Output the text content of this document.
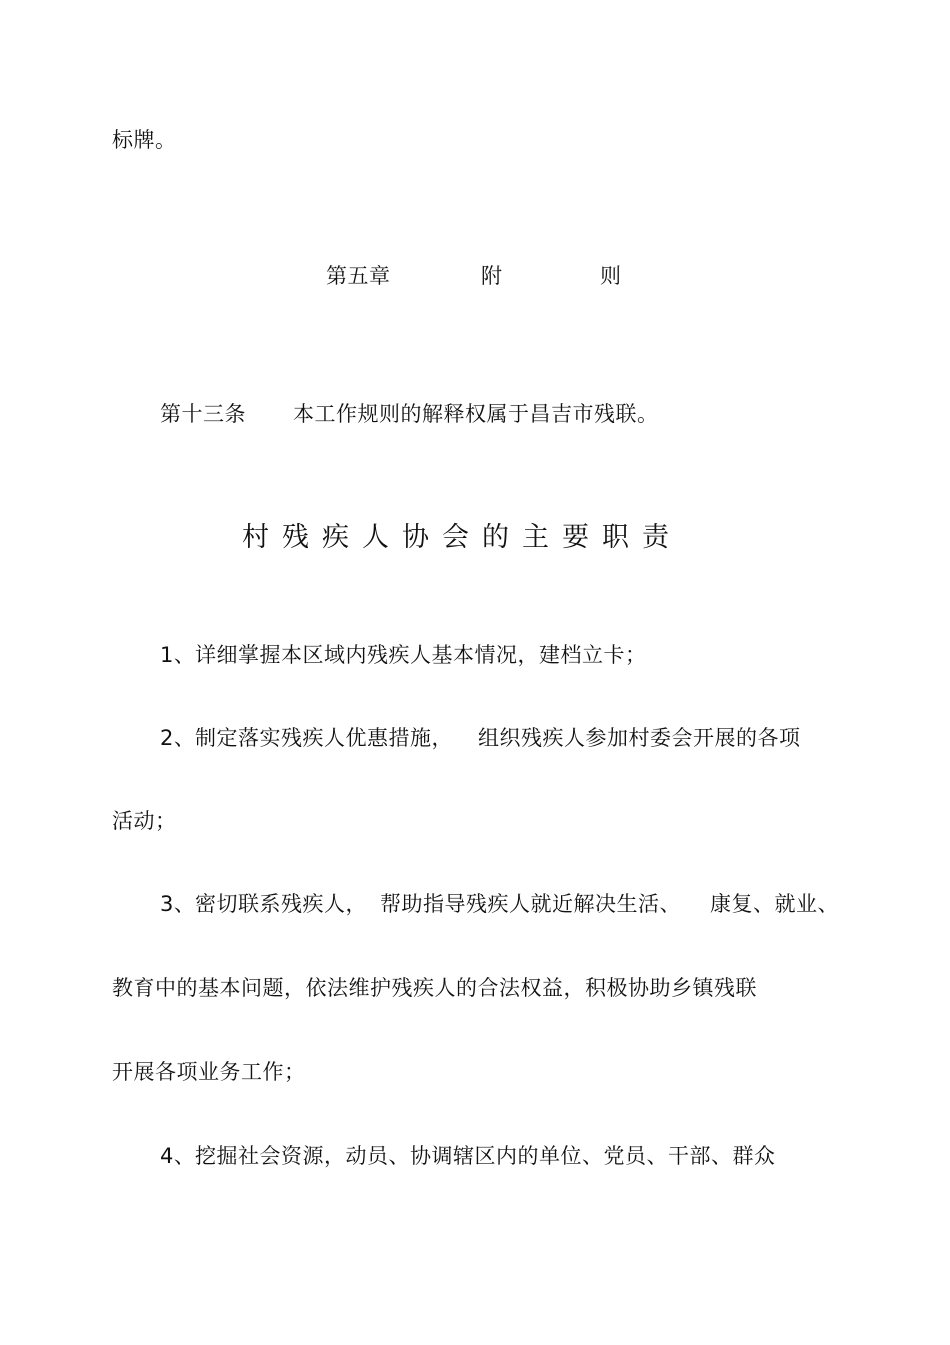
标牌。
第五章	附	则
第十三条 本工作规则的解释权属于昌吉市残联。
村残疾人协会的主要职责
1、 详细掌握本区域内残疾人基本情况，建档立卡；
2、 制定落实残疾人优惠措施， 组织残疾人参加村委会开展的各项
活动；
3、 密切联系残疾人， 帮助指导残疾人就近解决生活、 康复、就业、
教育中的基本问题，依法维护残疾人的合法权益，积极协助乡镇残联
开展各项业务工作；
4、 挖掘社会资源，动员、协调辖区内的单位、党员、干部、群众
